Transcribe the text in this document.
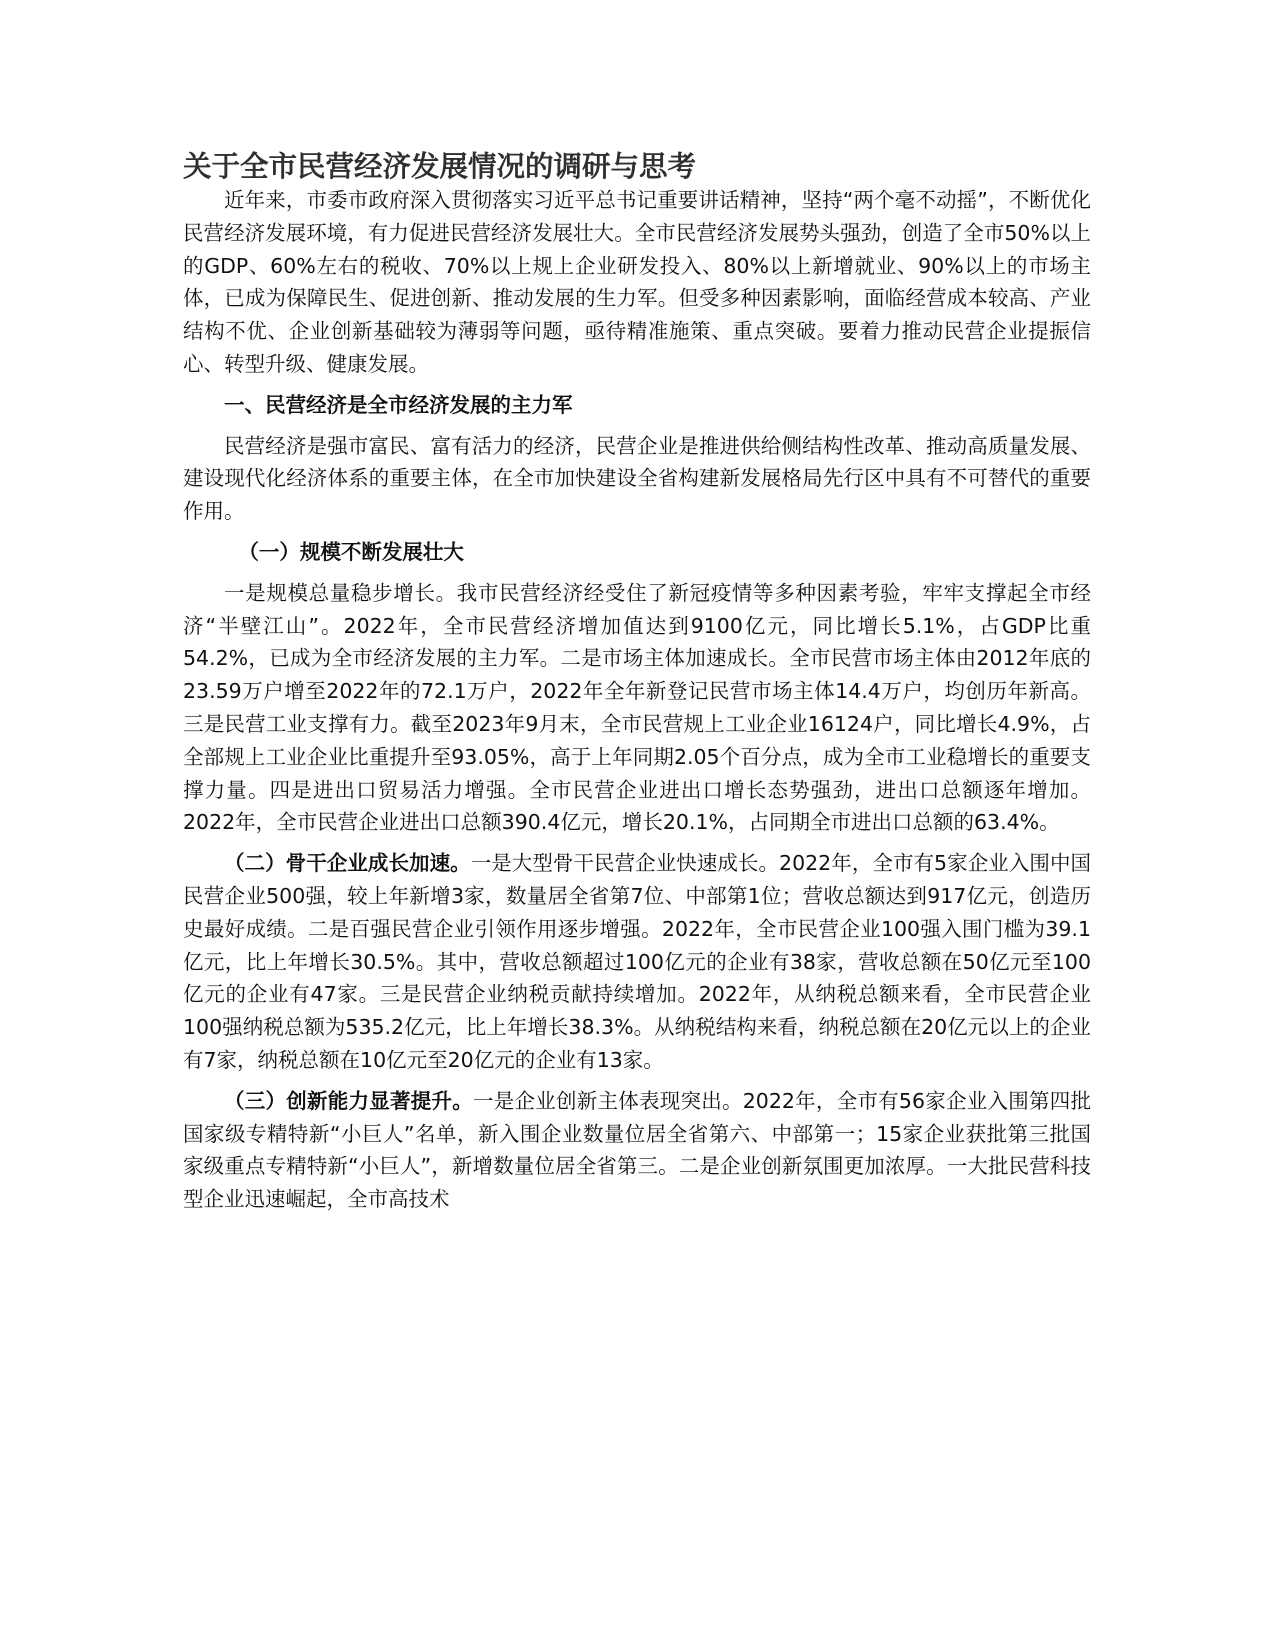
关于全市民营经济发展情况的调研与思考

近年来，市委市政府深入贯彻落实习近平总书记重要讲话精神，坚持“两个毫不动摇”，不断优化民营经济发展环境，有力促进民营经济发展壮大。全市民营经济发展势头强劲，创造了全市50%以上的GDP、60%左右的税收、70%以上规上企业研发投入、80%以上新增就业、90%以上的市场主体，已成为保障民生、促进创新、推动发展的生力军。但受多种因素影响，面临经营成本较高、产业结构不优、企业创新基础较为薄弱等问题，亟待精准施策、重点突破。要着力推动民营企业提振信心、转型升级、健康发展。

一、民营经济是全市经济发展的主力军

民营经济是强市富民、富有活力的经济，民营企业是推进供给侧结构性改革、推动高质量发展、建设现代化经济体系的重要主体，在全市加快建设全省构建新发展格局先行区中具有不可替代的重要作用。

（一）规模不断发展壮大

一是规模总量稳步增长。我市民营经济经受住了新冠疫情等多种因素考验，牢牢支撑起全市经济“半壁江山”。2022年，全市民营经济增加值达到9100亿元，同比增长5.1%，占GDP比重54.2%，已成为全市经济发展的主力军。二是市场主体加速成长。全市民营市场主体由2012年底的23.59万户增至2022年的72.1万户，2022年全年新登记民营市场主体14.4万户，均创历年新高。三是民营工业支撑有力。截至2023年9月末，全市民营规上工业企业16124户，同比增长4.9%，占全部规上工业企业比重提升至93.05%，高于上年同期2.05个百分点，成为全市工业稳增长的重要支撑力量。四是进出口贸易活力增强。全市民营企业进出口增长态势强劲，进出口总额逐年增加。2022年，全市民营企业进出口总额390.4亿元，增长20.1%，占同期全市进出口总额的63.4%。

（二）骨干企业成长加速。一是大型骨干民营企业快速成长。2022年，全市有5家企业入围中国民营企业500强，较上年新增3家，数量居全省第7位、中部第1位；营收总额达到917亿元，创造历史最好成绩。二是百强民营企业引领作用逐步增强。2022年，全市民营企业100强入围门槛为39.1亿元，比上年增长30.5%。其中，营收总额超过100亿元的企业有38家，营收总额在50亿元至100亿元的企业有47家。三是民营企业纳税贡献持续增加。2022年，从纳税总额来看，全市民营企业100强纳税总额为535.2亿元，比上年增长38.3%。从纳税结构来看，纳税总额在20亿元以上的企业有7家，纳税总额在10亿元至20亿元的企业有13家。

（三）创新能力显著提升。一是企业创新主体表现突出。2022年，全市有56家企业入围第四批国家级专精特新“小巨人”名单，新入围企业数量位居全省第六、中部第一；15家企业获批第三批国家级重点专精特新“小巨人”，新增数量位居全省第三。二是企业创新氛围更加浓厚。一大批民营科技型企业迅速崛起，全市高技术
